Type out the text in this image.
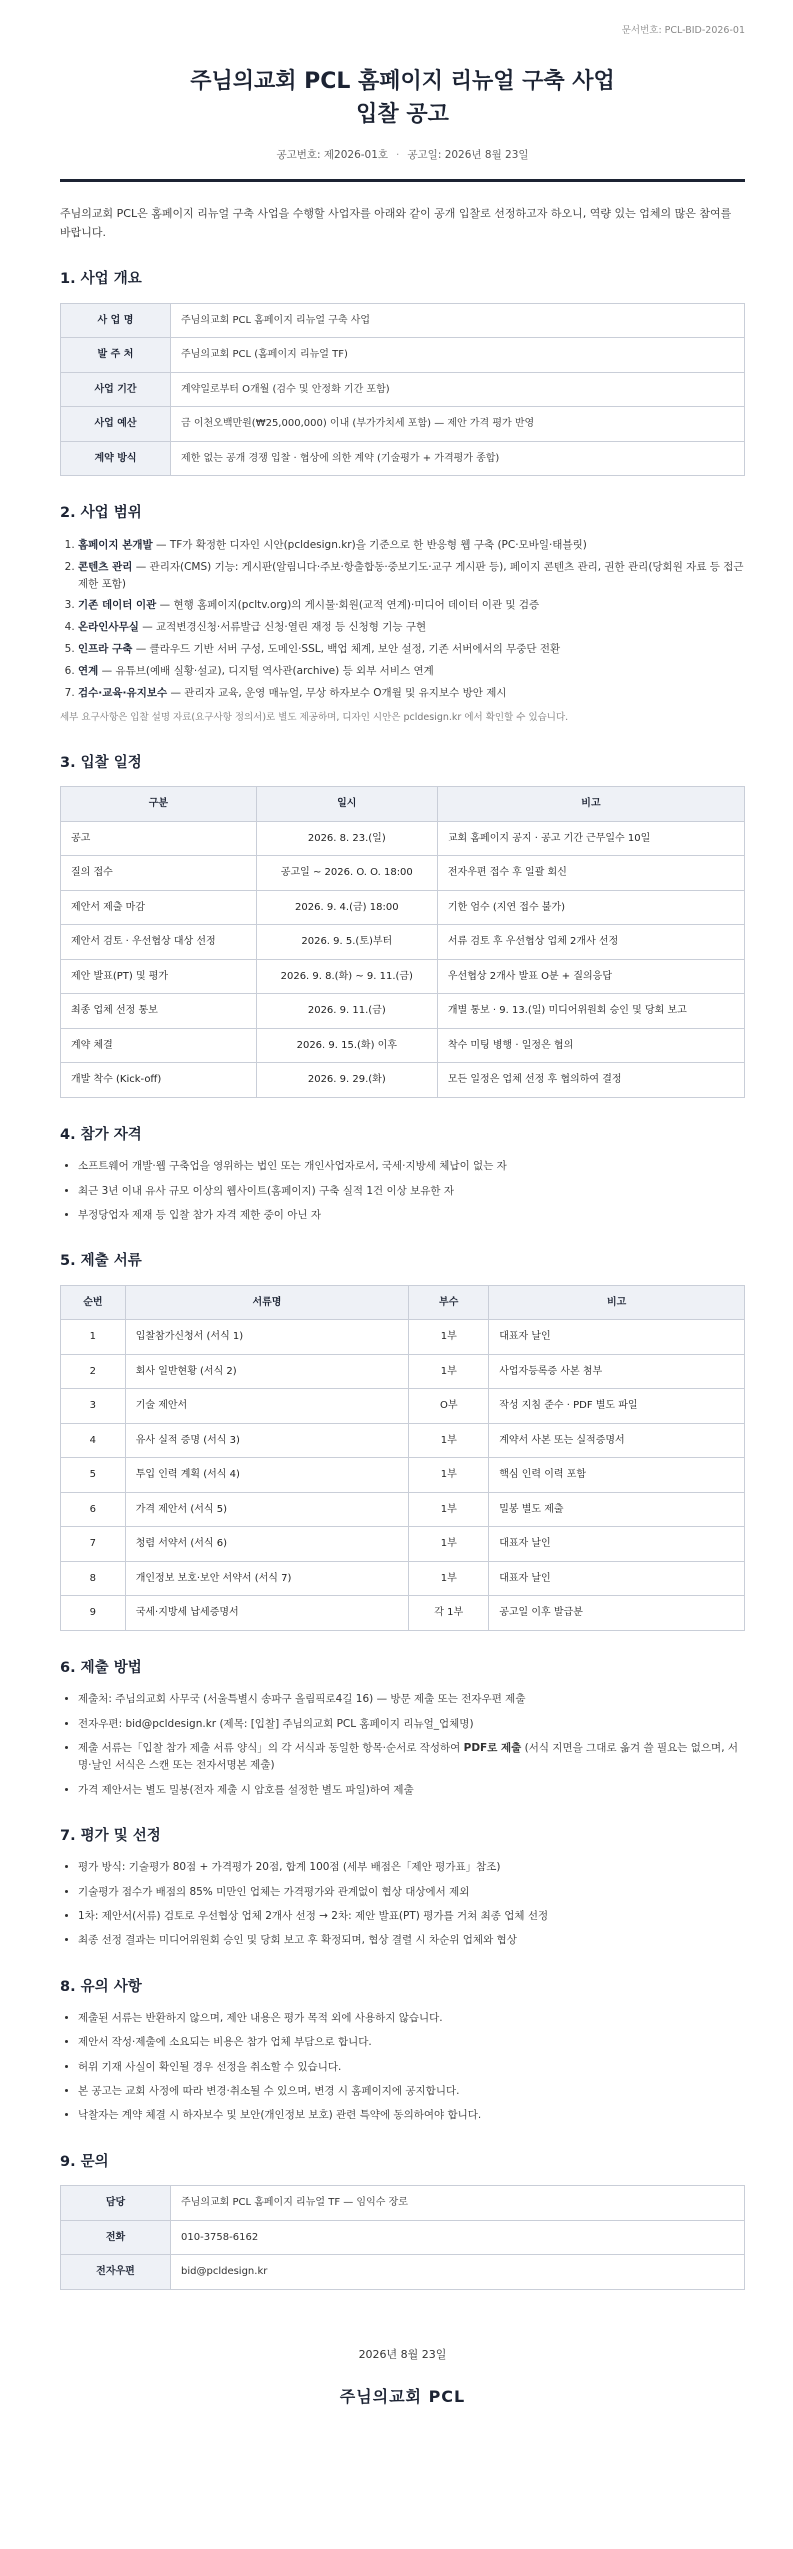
문서번호: PCL-BID-2026-01
주님의교회 PCL 홈페이지 리뉴얼 구축 사업
입찰 공고
공고번호: 제2026-01호 · 공고일: 2026년 8월 23일

주님의교회 PCL은 홈페이지 리뉴얼 구축 사업을 수행할 사업자를 아래와 같이 공개 입찰로 선정하고자 하오니, 역량 있는 업체의 많은 참여를 바랍니다.

1. 사업 개요
사 업 명	주님의교회 PCL 홈페이지 리뉴얼 구축 사업
발 주 처	주님의교회 PCL (홈페이지 리뉴얼 TF)
사업 기간	계약일로부터 O개월 (검수 및 안정화 기간 포함)
사업 예산	금 이천오백만원(₩25,000,000) 이내 (부가가치세 포함) — 제안 가격 평가 반영
계약 방식	제한 없는 공개 경쟁 입찰 · 협상에 의한 계약 (기술평가 + 가격평가 종합)
2. 사업 범위
1. 홈페이지 본개발 — TF가 확정한 디자인 시안(pcldesign.kr)을 기준으로 한 반응형 웹 구축 (PC·모바일·태블릿)
2. 콘텐츠 관리 — 관리자(CMS) 기능: 게시판(알림니다·주보·항출합동·중보기도·교구 게시판 등), 페이지 콘텐츠 관리, 권한 관리(당회원 자료 등 접근 제한 포함)
3. 기존 데이터 이관 — 현행 홈페이지(pcltv.org)의 게시물·회원(교적 연계)·미디어 데이터 이관 및 검증
4. 온라인사무실 — 교적변경신청·서류발급 신청·열린 재정 등 신청형 기능 구현
5. 인프라 구축 — 클라우드 기반 서버 구성, 도메인·SSL, 백업 체계, 보안 설정, 기존 서버에서의 무중단 전환
6. 연계 — 유튜브(예배 실황·설교), 디지털 역사관(archive) 등 외부 서비스 연계
7. 검수·교육·유지보수 — 관리자 교육, 운영 매뉴얼, 무상 하자보수 O개월 및 유지보수 방안 제시
세부 요구사항은 입찰 설명 자료(요구사항 정의서)로 별도 제공하며, 디자인 시안은 pcldesign.kr 에서 확인할 수 있습니다.
3. 입찰 일정
구분	일시	비고
공고	2026. 8. 23.(일)	교회 홈페이지 공지 · 공고 기간 근무일수 10일
질의 접수	공고일 ~ 2026. O. O. 18:00	전자우편 접수 후 일괄 회신
제안서 제출 마감	2026. 9. 4.(금) 18:00	기한 엄수 (지연 접수 불가)
제안서 검토 · 우선협상 대상 선정	2026. 9. 5.(토)부터	서류 검토 후 우선협상 업체 2개사 선정
제안 발표(PT) 및 평가	2026. 9. 8.(화) ~ 9. 11.(금)	우선협상 2개사 발표 O분 + 질의응답
최종 업체 선정 통보	2026. 9. 11.(금)	개별 통보 · 9. 13.(일) 미디어위원회 승인 및 당회 보고
계약 체결	2026. 9. 15.(화) 이후	착수 미팅 병행 · 일정은 협의
개발 착수 (Kick-off)	2026. 9. 29.(화)	모든 일정은 업체 선정 후 협의하여 결정
4. 참가 자격
• 소프트웨어 개발·웹 구축업을 영위하는 법인 또는 개인사업자로서, 국세·지방세 체납이 없는 자
• 최근 3년 이내 유사 규모 이상의 웹사이트(홈페이지) 구축 실적 1건 이상 보유한 자
• 부정당업자 제재 등 입찰 참가 자격 제한 중이 아닌 자
5. 제출 서류
순번	서류명	부수	비고
1	입찰참가신청서 (서식 1)	1부	대표자 날인
2	회사 일반현황 (서식 2)	1부	사업자등록증 사본 첨부
3	기술 제안서	O부	작성 지침 준수 · PDF 별도 파일
4	유사 실적 증명 (서식 3)	1부	계약서 사본 또는 실적증명서
5	투입 인력 계획 (서식 4)	1부	핵심 인력 이력 포함
6	가격 제안서 (서식 5)	1부	밀봉 별도 제출
7	청렴 서약서 (서식 6)	1부	대표자 날인
8	개인정보 보호·보안 서약서 (서식 7)	1부	대표자 날인
9	국세·지방세 납세증명서	각 1부	공고일 이후 발급분
6. 제출 방법
• 제출처: 주님의교회 사무국 (서울특별시 송파구 올림픽로4길 16) — 방문 제출 또는 전자우편 제출
• 전자우편: bid@pcldesign.kr (제목: [입찰] 주님의교회 PCL 홈페이지 리뉴얼_업체명)
• 제출 서류는「입찰 참가 제출 서류 양식」의 각 서식과 동일한 항목·순서로 작성하여 PDF로 제출 (서식 지면을 그대로 옮겨 쓸 필요는 없으며, 서명·날인 서식은 스캔 또는 전자서명본 제출)
• 가격 제안서는 별도 밀봉(전자 제출 시 암호를 설정한 별도 파일)하여 제출
7. 평가 및 선정
• 평가 방식: 기술평가 80점 + 가격평가 20점, 합계 100점 (세부 배점은「제안 평가표」참조)
• 기술평가 점수가 배점의 85% 미만인 업체는 가격평가와 관계없이 협상 대상에서 제외
• 1차: 제안서(서류) 검토로 우선협상 업체 2개사 선정 → 2차: 제안 발표(PT) 평가를 거쳐 최종 업체 선정
• 최종 선정 결과는 미디어위원회 승인 및 당회 보고 후 확정되며, 협상 결렬 시 차순위 업체와 협상
8. 유의 사항
• 제출된 서류는 반환하지 않으며, 제안 내용은 평가 목적 외에 사용하지 않습니다.
• 제안서 작성·제출에 소요되는 비용은 참가 업체 부담으로 합니다.
• 허위 기재 사실이 확인될 경우 선정을 취소할 수 있습니다.
• 본 공고는 교회 사정에 따라 변경·취소될 수 있으며, 변경 시 홈페이지에 공지합니다.
• 낙찰자는 계약 체결 시 하자보수 및 보안(개인정보 보호) 관련 특약에 동의하여야 합니다.
9. 문의
담당	주님의교회 PCL 홈페이지 리뉴얼 TF — 임익수 장로
전화	010-3758-6162
전자우편	bid@pcldesign.kr
2026년 8월 23일
주님의교회 PCL
